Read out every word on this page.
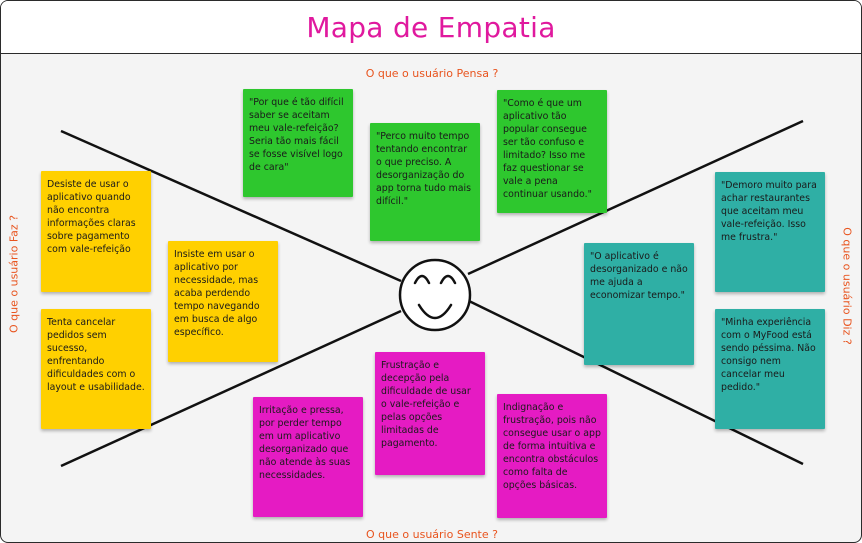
Mapa de Empatia
O que o usuário Pensa ?
O que o usuário Sente ?
O que o usuário Faz ?	O que o usuário Diz ?
"Por que é tão difícil saber se aceitam meu vale-refeição? Seria tão mais fácil se fosse visível logo de cara"
"Perco muito tempo tentando encontrar o que preciso. A desorganização do app torna tudo mais difícil."
"Como é que um aplicativo tão popular consegue ser tão confuso e limitado? Isso me faz questionar se vale a pena continuar usando."
Desiste de usar o aplicativo quando não encontra informações claras sobre pagamento com vale-refeição
Tenta cancelar pedidos sem sucesso, enfrentando dificuldades com o layout e usabilidade.
Insiste em usar o aplicativo por necessidade, mas acaba perdendo tempo navegando em busca de algo específico.
"O aplicativo é desorganizado e não me ajuda a economizar tempo."
"Demoro muito para achar restaurantes que aceitam meu vale-refeição. Isso me frustra."
"Minha experiência com o MyFood está sendo péssima. Não consigo nem cancelar meu pedido."
Irritação e pressa, por perder tempo em um aplicativo desorganizado que não atende às suas necessidades.
Frustração e decepção pela dificuldade de usar o vale-refeição e pelas opções limitadas de pagamento.
Indignação e frustração, pois não consegue usar o app de forma intuitiva e encontra obstáculos como falta de opções básicas.
